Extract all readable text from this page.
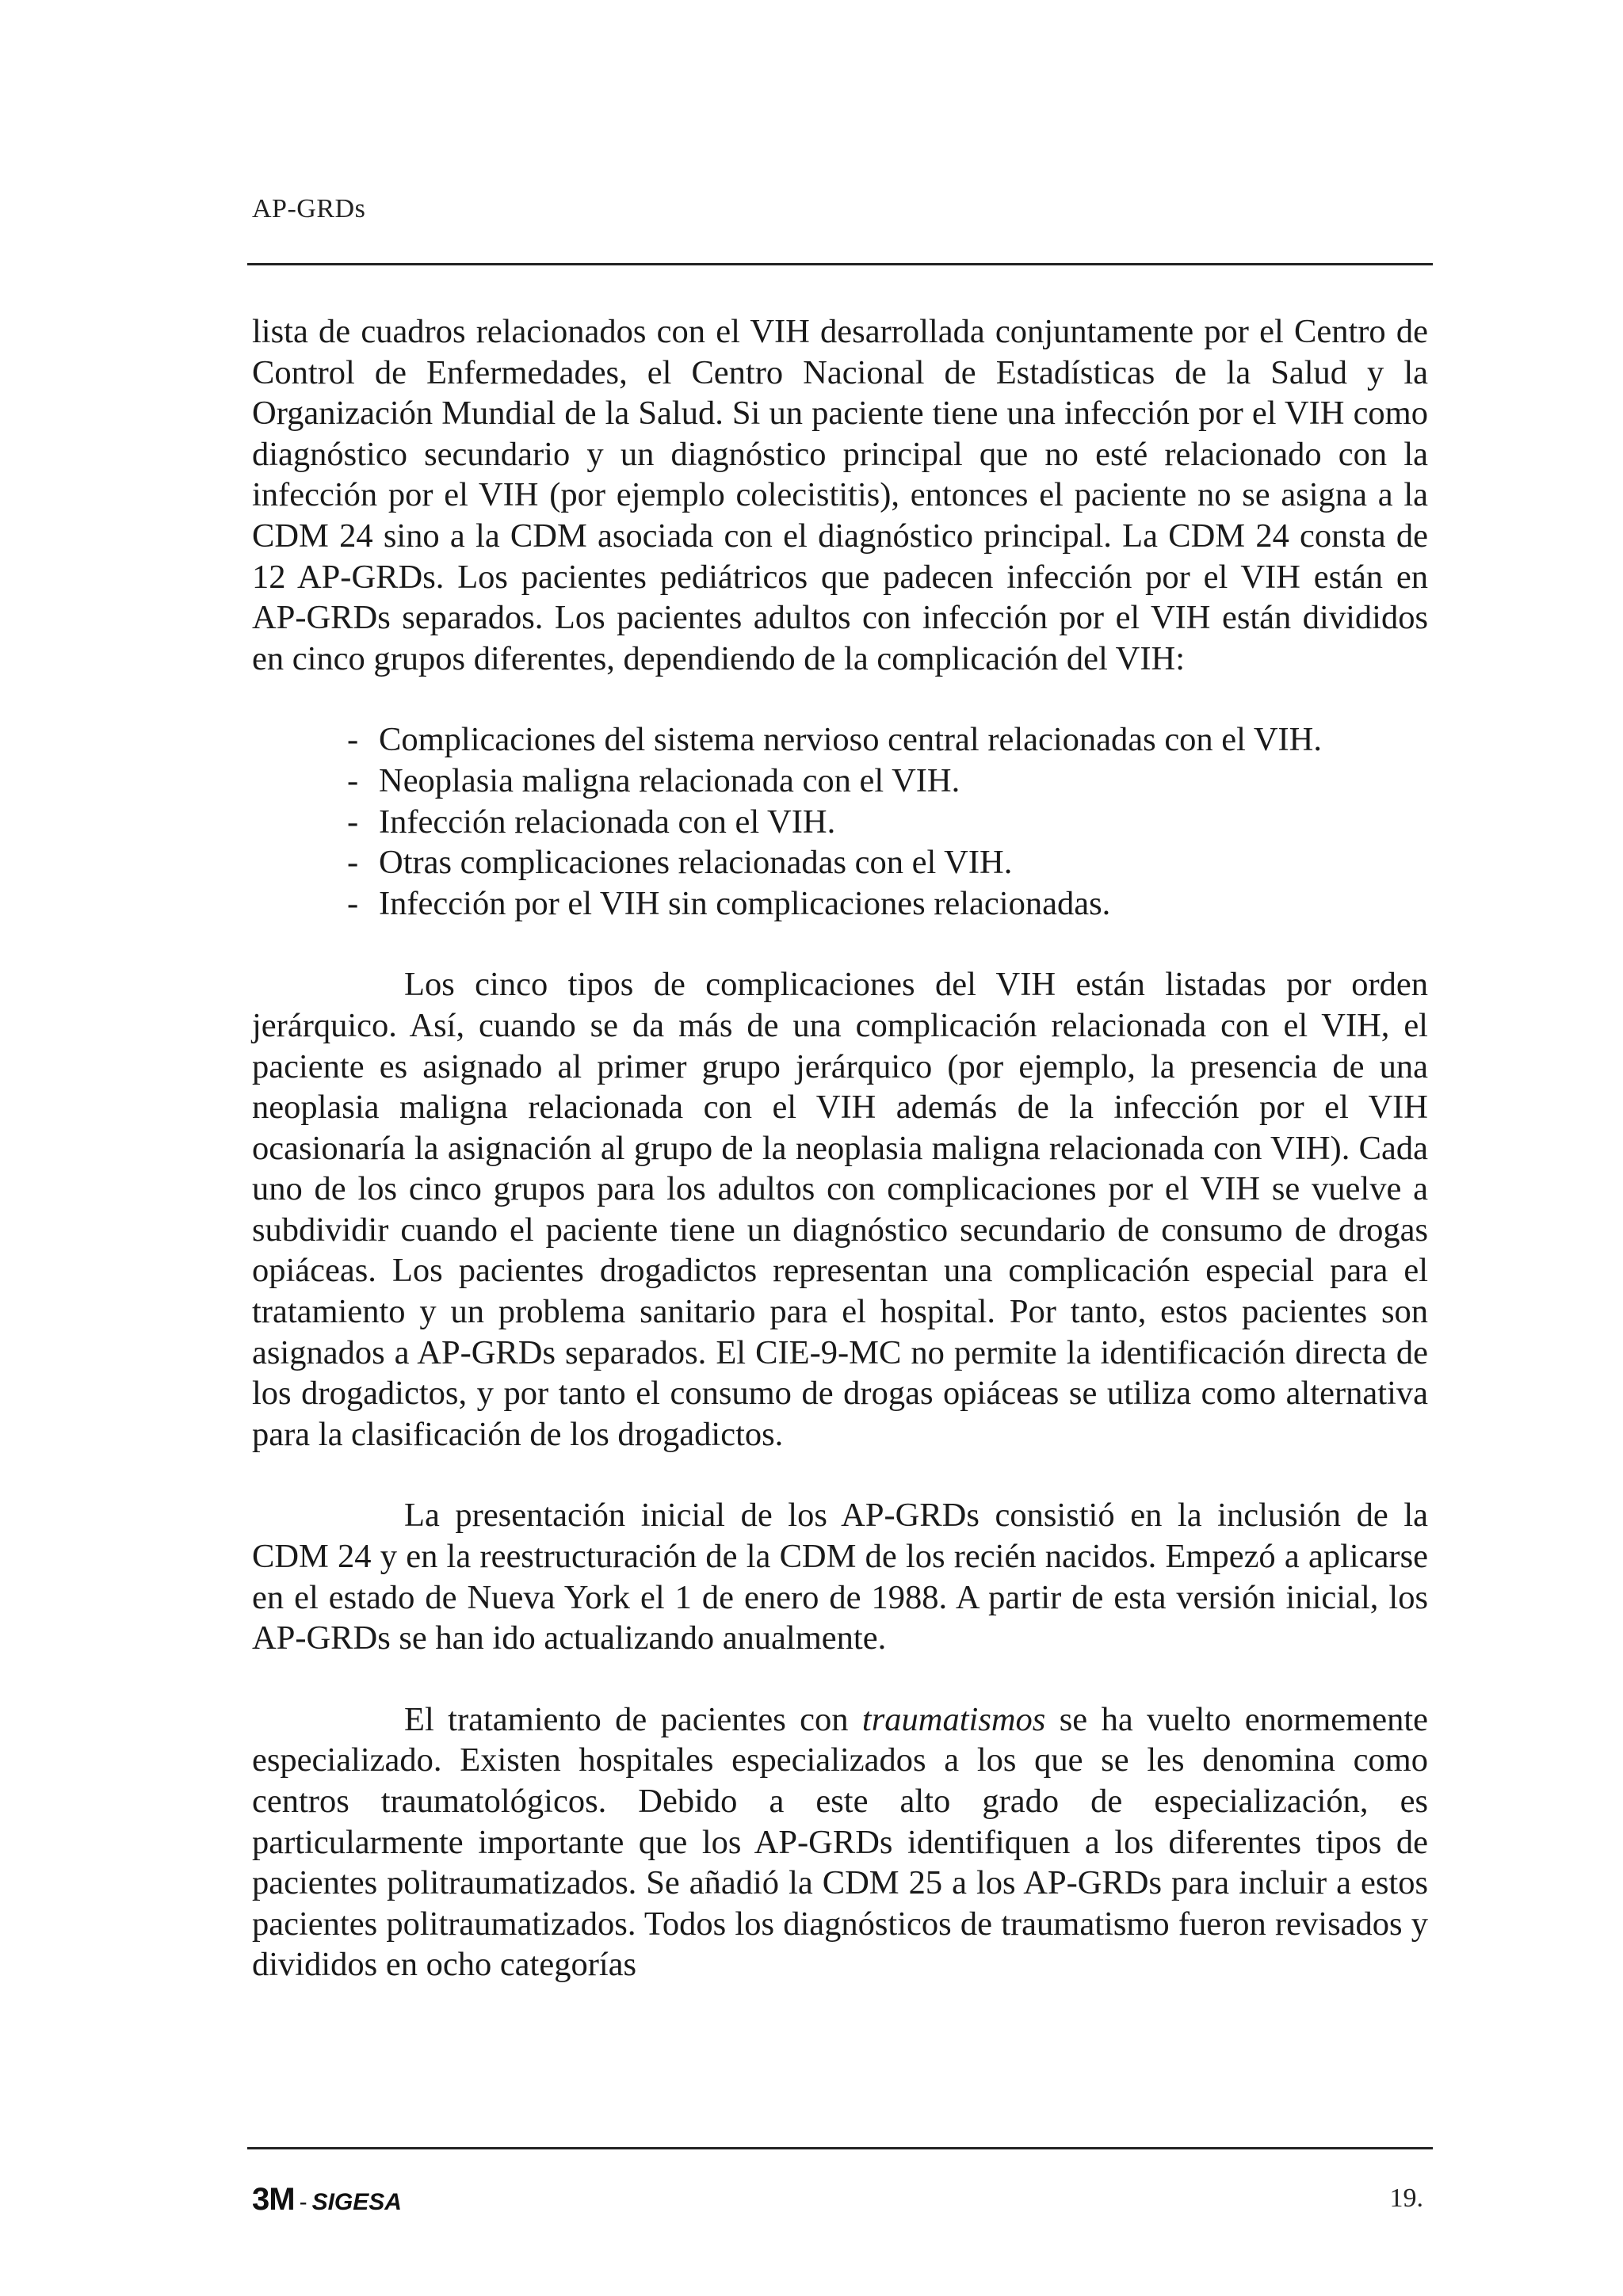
AP-GRDs

lista de cuadros relacionados con el VIH desarrollada conjuntamente por el Centro de Control de Enfermedades, el Centro Nacional de Estadísticas de la Salud y la Organización Mundial de la Salud. Si un paciente tiene una infección por el VIH como diagnóstico secundario y un diagnóstico principal que no esté relacionado con la infección por el VIH (por ejemplo colecistitis), entonces el paciente no se asigna a la CDM 24 sino a la CDM asociada con el diagnóstico principal. La CDM 24 consta de 12 AP-GRDs. Los pacientes pediátricos que padecen infección por el VIH están en AP-GRDs separados. Los pacientes adultos con infección por el VIH están divididos en cinco grupos diferentes, dependiendo de la complicación del VIH:

- Complicaciones del sistema nervioso central relacionadas con el VIH.
- Neoplasia maligna relacionada con el VIH.
- Infección relacionada con el VIH.
- Otras complicaciones relacionadas con el VIH.
- Infección por el VIH sin complicaciones relacionadas.

Los cinco tipos de complicaciones del VIH están listadas por orden jerárquico. Así, cuando se da más de una complicación relacionada con el VIH, el paciente es asignado al primer grupo jerárquico (por ejemplo, la presencia de una neoplasia maligna relacionada con el VIH además de la infección por el VIH ocasionaría la asignación al grupo de la neoplasia maligna relacionada con VIH). Cada uno de los cinco grupos para los adultos con complicaciones por el VIH se vuelve a subdividir cuando el paciente tiene un diagnóstico secundario de consumo de drogas opiáceas. Los pacientes drogadictos representan una complicación especial para el tratamiento y un problema sanitario para el hospital. Por tanto, estos pacientes son asignados a AP-GRDs separados. El CIE-9-MC no permite la identificación directa de los drogadictos, y por tanto el consumo de drogas opiáceas se utiliza como alternativa para la clasificación de los drogadictos.

La presentación inicial de los AP-GRDs consistió en la inclusión de la CDM 24 y en la reestructuración de la CDM de los recién nacidos. Empezó a aplicarse en el estado de Nueva York el 1 de enero de 1988. A partir de esta versión inicial, los AP-GRDs se han ido actualizando anualmente.

El tratamiento de pacientes con traumatismos se ha vuelto enormemente especializado. Existen hospitales especializados a los que se les denomina como centros traumatológicos. Debido a este alto grado de especialización, es particularmente importante que los AP-GRDs identifiquen a los diferentes tipos de pacientes politraumatizados. Se añadió la CDM 25 a los AP-GRDs para incluir a estos pacientes politraumatizados. Todos los diagnósticos de traumatismo fueron revisados y divididos en ocho categorías

3M - SIGESA	19.
